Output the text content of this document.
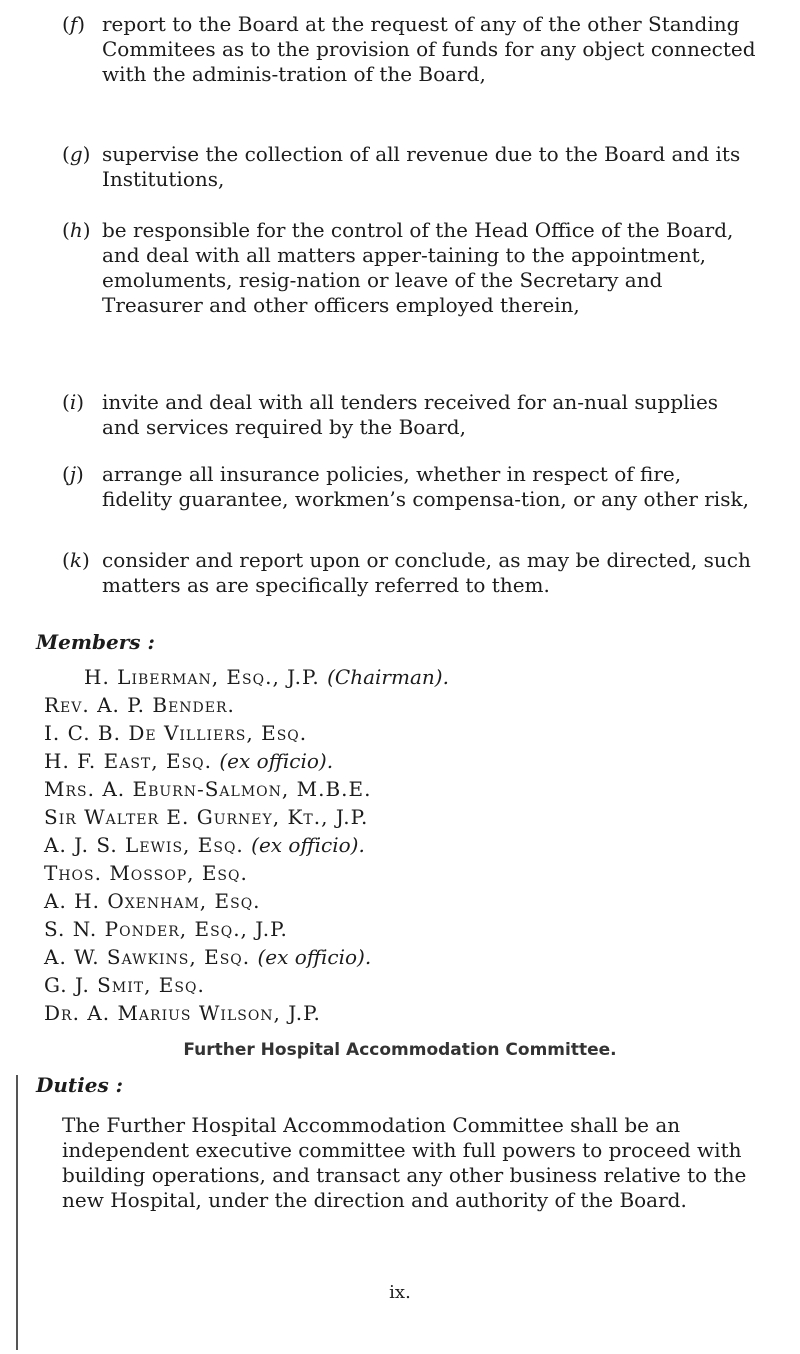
( f )	report to the Board at the request of any of the other Standing Commitees as to the provision of funds for any object connected with the adminis-tration of the Board,
( g ) supervise the collection of all revenue due to the Board and its Institutions,
( h ) be responsible for the control of the Head Office of the Board, and deal with all matters apper-taining to the appointment, emoluments, resig-nation or leave of the Secretary and Treasurer and other officers employed therein,
( i )	invite and deal with all tenders received for an-nual supplies and services required by the Board,
( j )	arrange all insurance policies, whether in respect of fire, fidelity guarantee, workmen’s compensa-tion, or any other risk,
( k )	consider and report upon or conclude, as may be directed, such matters as are specifically referred to them.
Members :
H. Liberman, Esq., J.P. (Chairman).
Rev. A. P. Bender.
I. C. B. De Villiers, Esq.
H. F. East, Esq. (ex officio).
Mrs. A. Eburn-Salmon, M.B.E.
Sir Walter E. Gurney, Kt., J.P.
A. J. S. Lewis, Esq. (ex officio).
Thos. Mossop, Esq.
A. H. Oxenham, Esq.
S. N. Ponder, Esq., J.P.
A. W. Sawkins, Esq. (ex officio).
G. J. Smit, Esq.
Dr. A. Marius Wilson, J.P.
Further Hospital Accommodation Committee.
Duties :
The Further Hospital Accommodation Committee shall be an independent executive committee with full powers to proceed with building operations, and transact any other business relative to the new Hospital, under the direction and authority of the Board.
ix.
